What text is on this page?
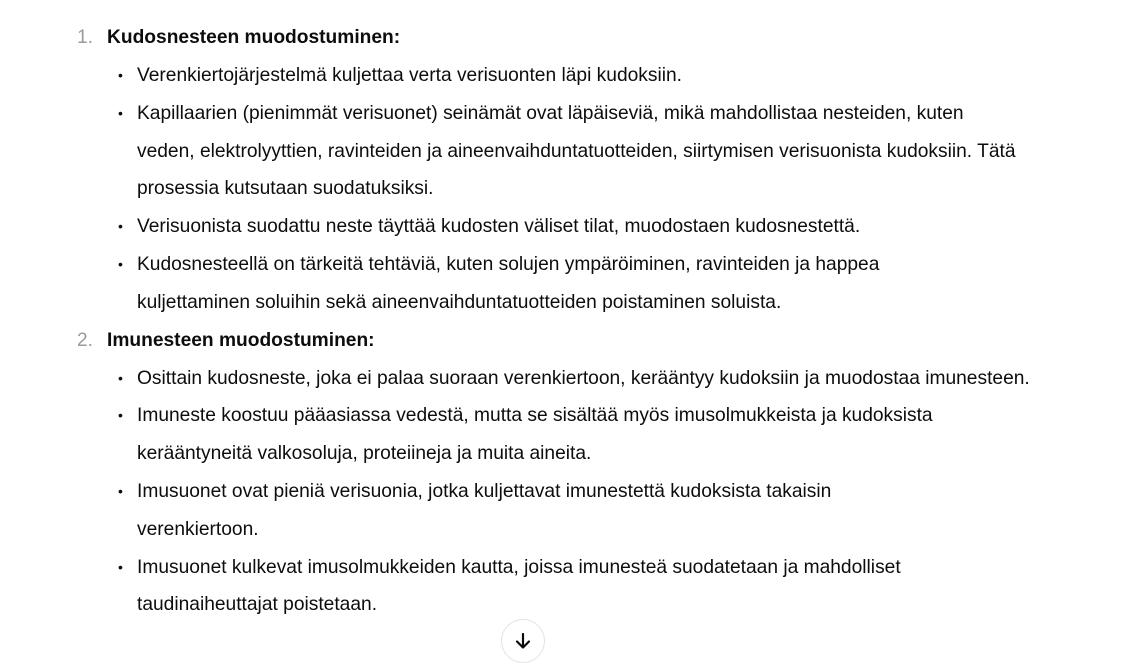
1. Kudosnesteen muodostuminen:
• Verenkiertojärjestelmä kuljettaa verta verisuonten läpi kudoksiin.
• Kapillaarien (pienimmät verisuonet) seinämät ovat läpäiseviä, mikä mahdollistaa nesteiden, kuten veden, elektrolyyttien, ravinteiden ja aineenvaihduntatuotteiden, siirtymisen verisuonista kudoksiin. Tätä prosessia kutsutaan suodatuksiksi.
• Verisuonista suodattu neste täyttää kudosten väliset tilat, muodostaen kudosnestettä.
• Kudosnesteellä on tärkeitä tehtäviä, kuten solujen ympäröiminen, ravinteiden ja happea kuljettaminen soluihin sekä aineenvaihduntatuotteiden poistaminen soluista.
2. Imunesteen muodostuminen:
• Osittain kudosneste, joka ei palaa suoraan verenkiertoon, kerääntyy kudoksiin ja muodostaa imunesteen.
• Imuneste koostuu pääasiassa vedestä, mutta se sisältää myös imusolmukkeista ja kudoksista kerääntyneitä valkosoluja, proteiineja ja muita aineita.
• Imusuonet ovat pieniä verisuonia, jotka kuljettavat imunestettä kudoksista takaisin verenkiertoon.
• Imusuonet kulkevat imusolmukkeiden kautta, joissa imunesteä suodatetaan ja mahdolliset taudinaiheuttajat poistetaan.
